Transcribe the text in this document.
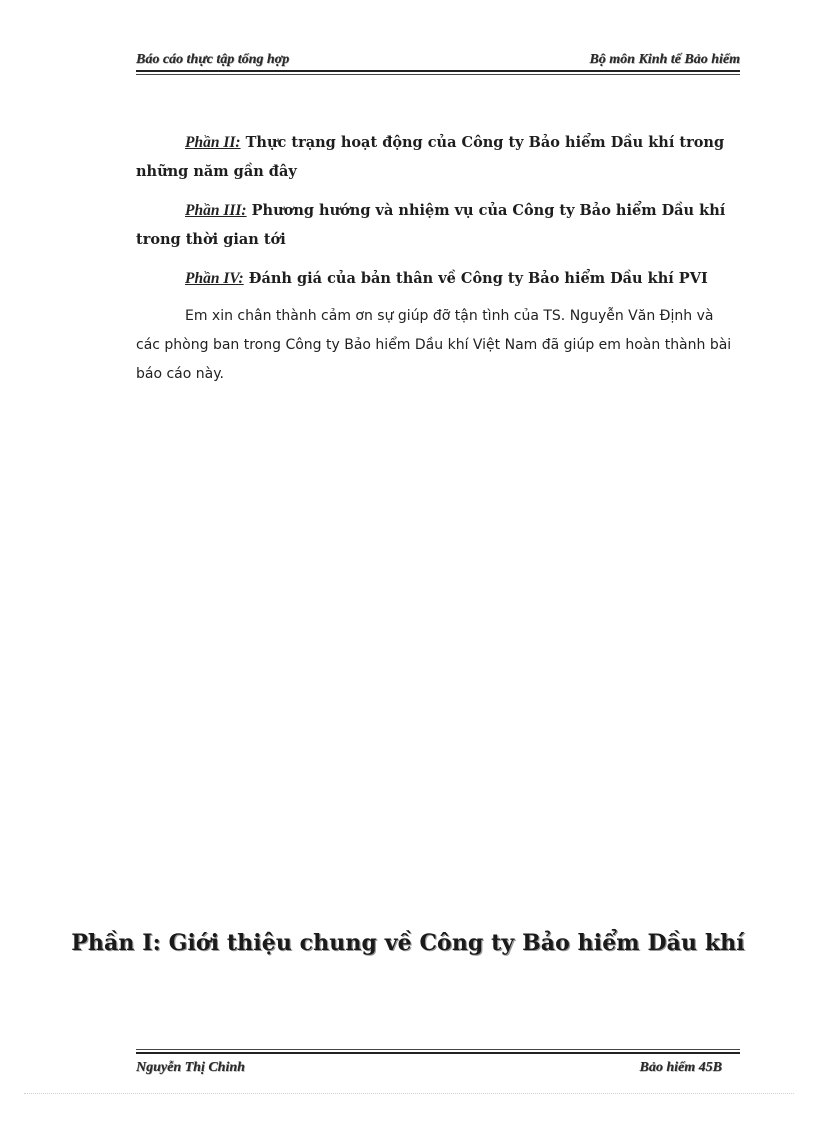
Báo cáo thực tập tổng hợp	Bộ môn Kinh tế Bảo hiểm
Phần II: Thực trạng hoạt động của Công ty Bảo hiểm Dầu khí trong những năm gần đây
Phần III: Phương hướng và nhiệm vụ của Công ty Bảo hiểm Dầu khí trong thời gian tới
Phần IV: Đánh giá của bản thân về Công ty Bảo hiểm Dầu khí PVI
Em xin chân thành cảm ơn sự giúp đỡ tận tình của TS. Nguyễn Văn Định và các phòng ban trong Công ty Bảo hiểm Dầu khí Việt Nam đã giúp em hoàn thành bài báo cáo này.
Phần I: Giới thiệu chung về Công ty Bảo hiểm Dầu khí
Nguyễn Thị Chinh	Bảo hiểm 45B
